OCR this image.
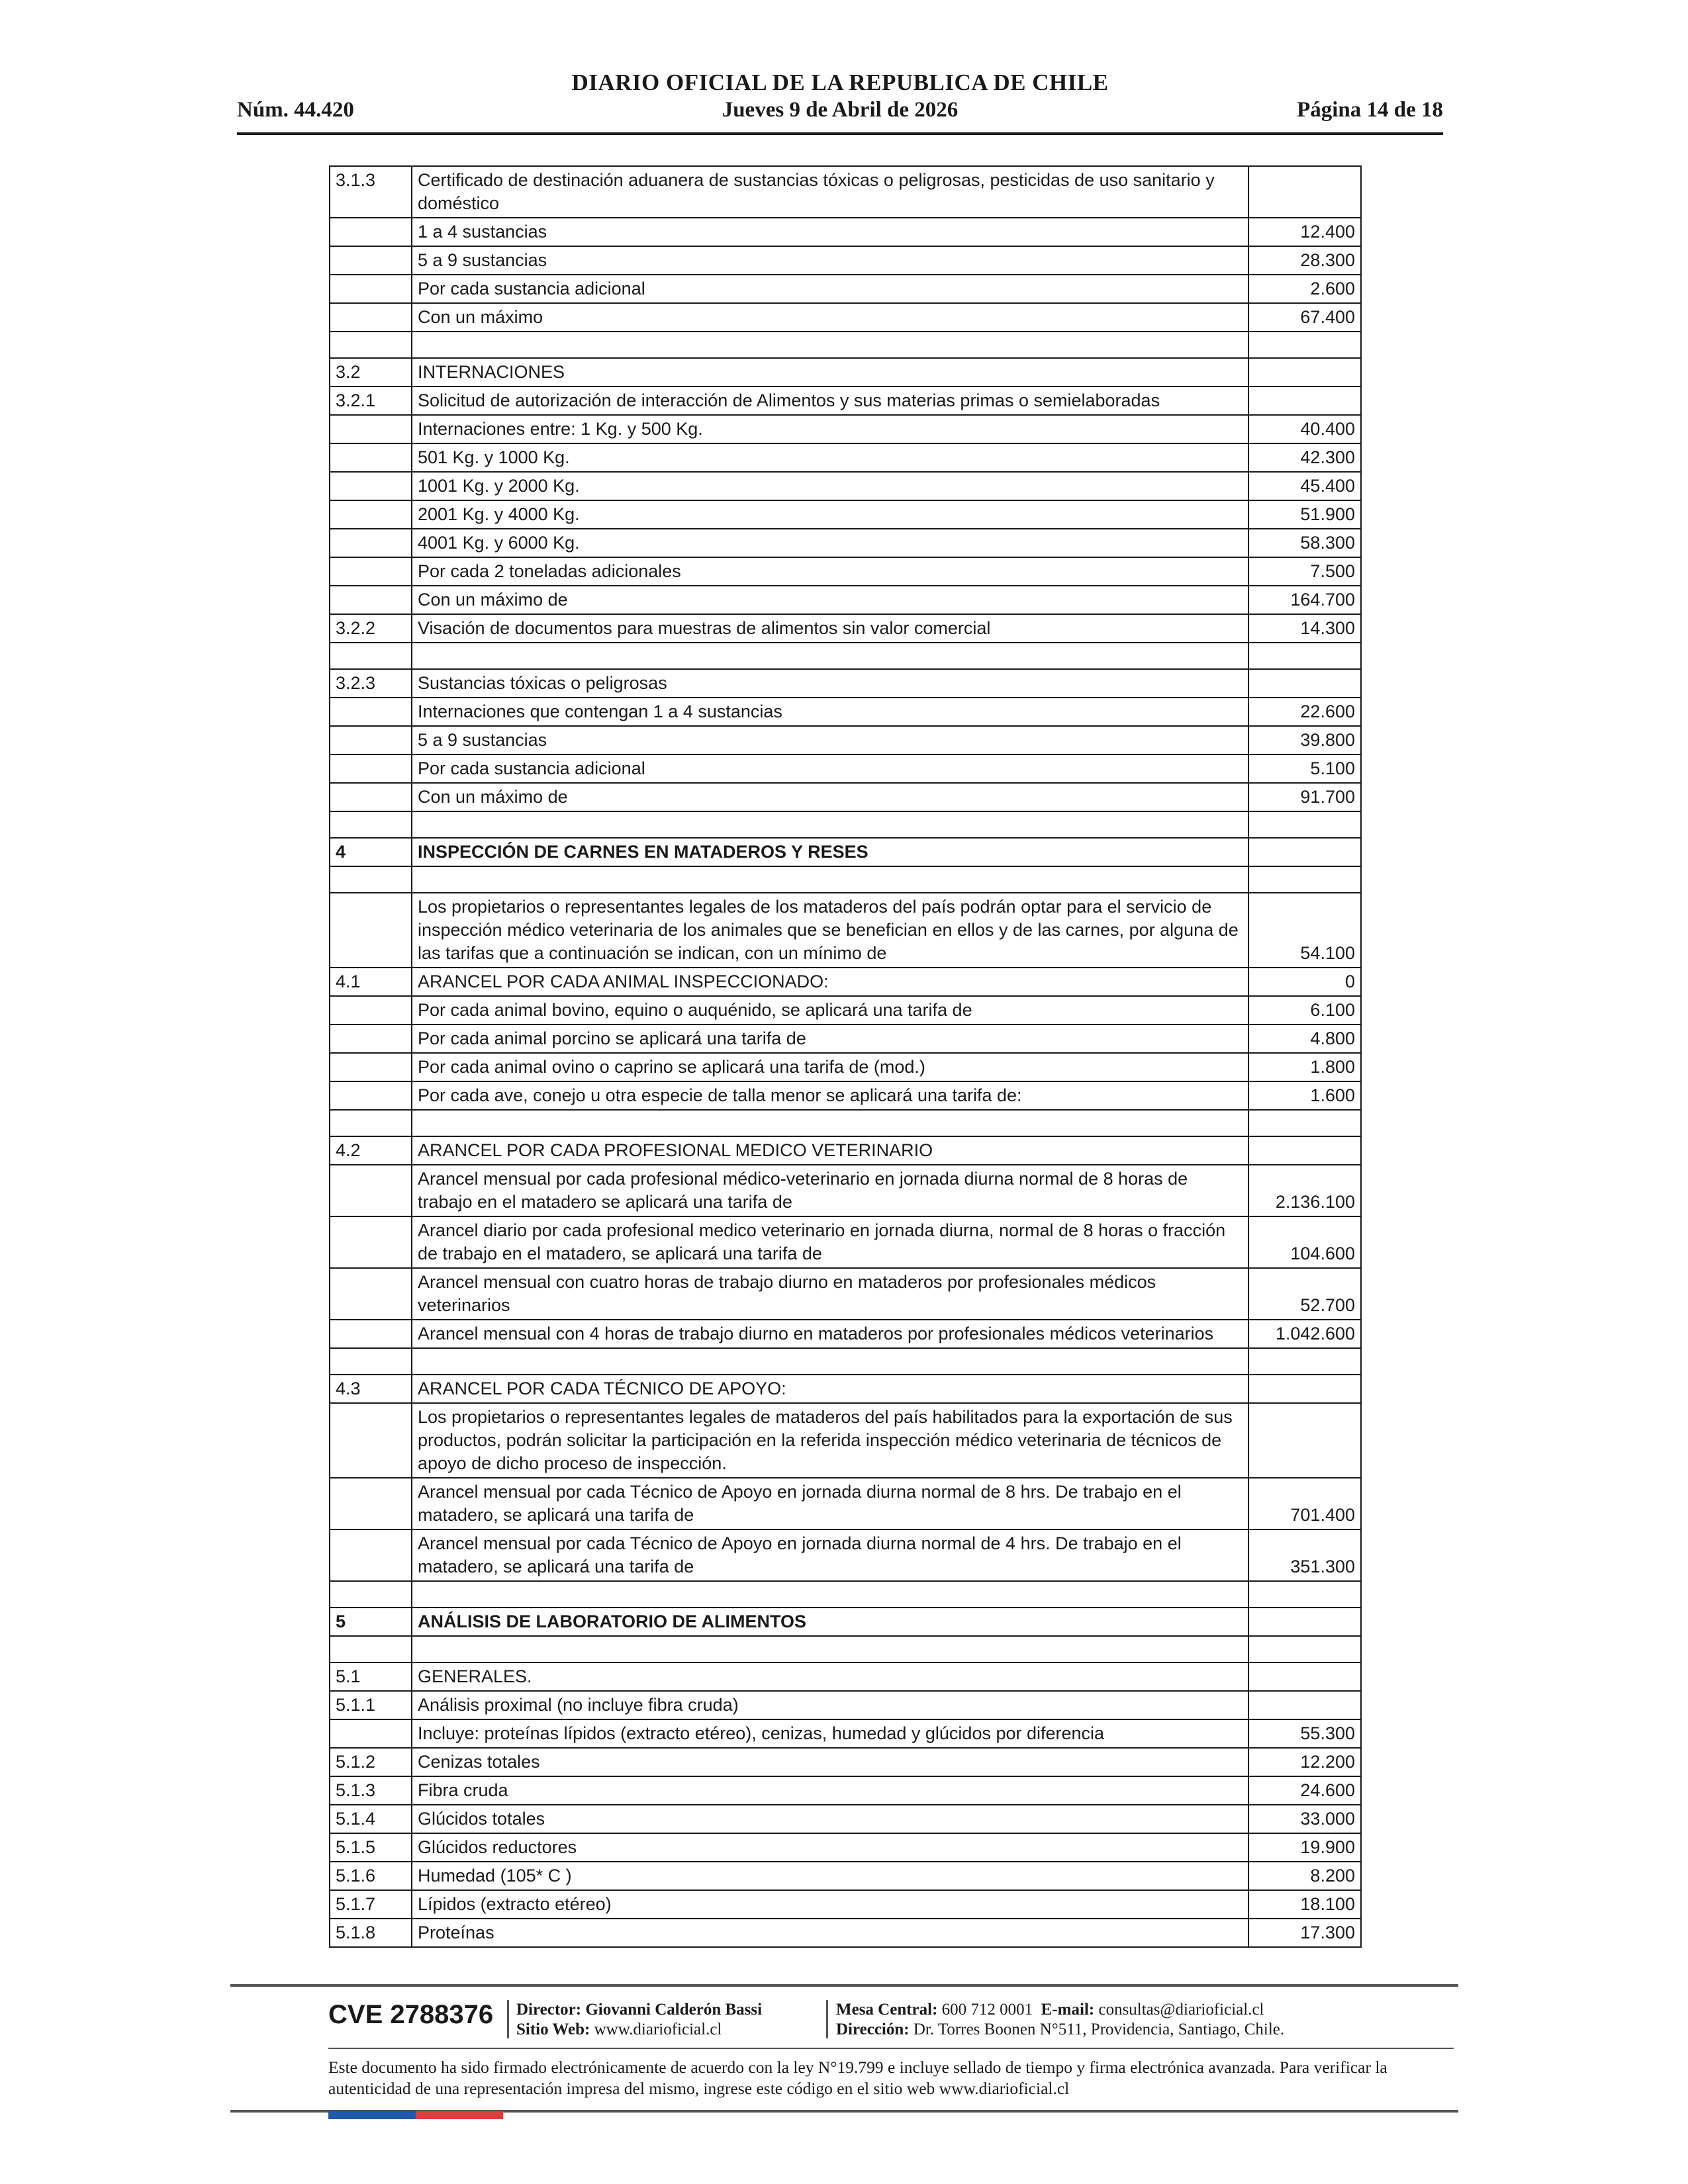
Núm. 44.420
DIARIO OFICIAL DE LA REPUBLICA DE CHILE
Jueves 9 de Abril de 2026	Página 14 de 18
3.1.3	Certificado de destinación aduanera de sustancias tóxicas o peligrosas, pesticidas de uso sanitario y doméstico	
	1 a 4 sustancias	12.400
	5 a 9 sustancias	28.300
	Por cada sustancia adicional	2.600
	Con un máximo	67.400

3.2	INTERNACIONES	
3.2.1	Solicitud de autorización de interacción de Alimentos y sus materias primas o semielaboradas	
	Internaciones entre: 1 Kg. y 500 Kg.	40.400
	501 Kg. y 1000 Kg.	42.300
	1001 Kg. y 2000 Kg.	45.400
	2001 Kg. y 4000 Kg.	51.900
	4001 Kg. y 6000 Kg.	58.300
	Por cada 2 toneladas adicionales	7.500
	Con un máximo de	164.700
3.2.2	Visación de documentos para muestras de alimentos sin valor comercial	14.300

3.2.3	Sustancias tóxicas o peligrosas	
	Internaciones que contengan 1 a 4 sustancias	22.600
	5 a 9 sustancias	39.800
	Por cada sustancia adicional	5.100
	Con un máximo de	91.700

4	INSPECCIÓN DE CARNES EN MATADEROS Y RESES	

	Los propietarios o representantes legales de los mataderos del país podrán optar para el servicio de inspección médico veterinaria de los animales que se benefician en ellos y de las carnes, por alguna de las tarifas que a continuación se indican, con un mínimo de	54.100
4.1	ARANCEL POR CADA ANIMAL INSPECCIONADO:	0
	Por cada animal bovino, equino o auquénido, se aplicará una tarifa de	6.100
	Por cada animal porcino se aplicará una tarifa de	4.800
	Por cada animal ovino o caprino se aplicará una tarifa de (mod.)	1.800
	Por cada ave, conejo u otra especie de talla menor se aplicará una tarifa de:	1.600

4.2	ARANCEL POR CADA PROFESIONAL MEDICO VETERINARIO	
	Arancel mensual por cada profesional médico-veterinario en jornada diurna normal de 8 horas de trabajo en el matadero se aplicará una tarifa de	2.136.100
	Arancel diario por cada profesional medico veterinario en jornada diurna, normal de 8 horas o fracción de trabajo en el matadero, se aplicará una tarifa de	104.600
	Arancel mensual con cuatro horas de trabajo diurno en mataderos por profesionales médicos veterinarios	52.700
	Arancel mensual con 4 horas de trabajo diurno en mataderos por profesionales médicos veterinarios	1.042.600

4.3	ARANCEL POR CADA TÉCNICO DE APOYO:	
	Los propietarios o representantes legales de mataderos del país habilitados para la exportación de sus productos, podrán solicitar la participación en la referida inspección médico veterinaria de técnicos de apoyo de dicho proceso de inspección.	
	Arancel mensual por cada Técnico de Apoyo en jornada diurna normal de 8 hrs. De trabajo en el matadero, se aplicará una tarifa de	701.400
	Arancel mensual por cada Técnico de Apoyo en jornada diurna normal de 4 hrs. De trabajo en el matadero, se aplicará una tarifa de	351.300

5	ANÁLISIS DE LABORATORIO DE ALIMENTOS	

5.1	GENERALES.	
5.1.1	Análisis proximal (no incluye fibra cruda)	
	Incluye: proteínas lípidos (extracto etéreo), cenizas, humedad y glúcidos por diferencia	55.300
5.1.2	Cenizas totales	12.200
5.1.3	Fibra cruda	24.600
5.1.4	Glúcidos totales	33.000
5.1.5	Glúcidos reductores	19.900
5.1.6	Humedad (105* C )	8.200
5.1.7	Lípidos (extracto etéreo)	18.100
5.1.8	Proteínas	17.300
CVE 2788376 Director: Giovanni Calderón Bassi
Sitio Web: www.diarioficial.cl
Mesa Central: 600 712 0001 E-mail: consultas@diarioficial.cl
Dirección: Dr. Torres Boonen N°511, Providencia, Santiago, Chile.
Este documento ha sido firmado electrónicamente de acuerdo con la ley N°19.799 e incluye sellado de tiempo y firma electrónica avanzada. Para verificar la autenticidad de una representación impresa del mismo, ingrese este código en el sitio web www.diarioficial.cl
